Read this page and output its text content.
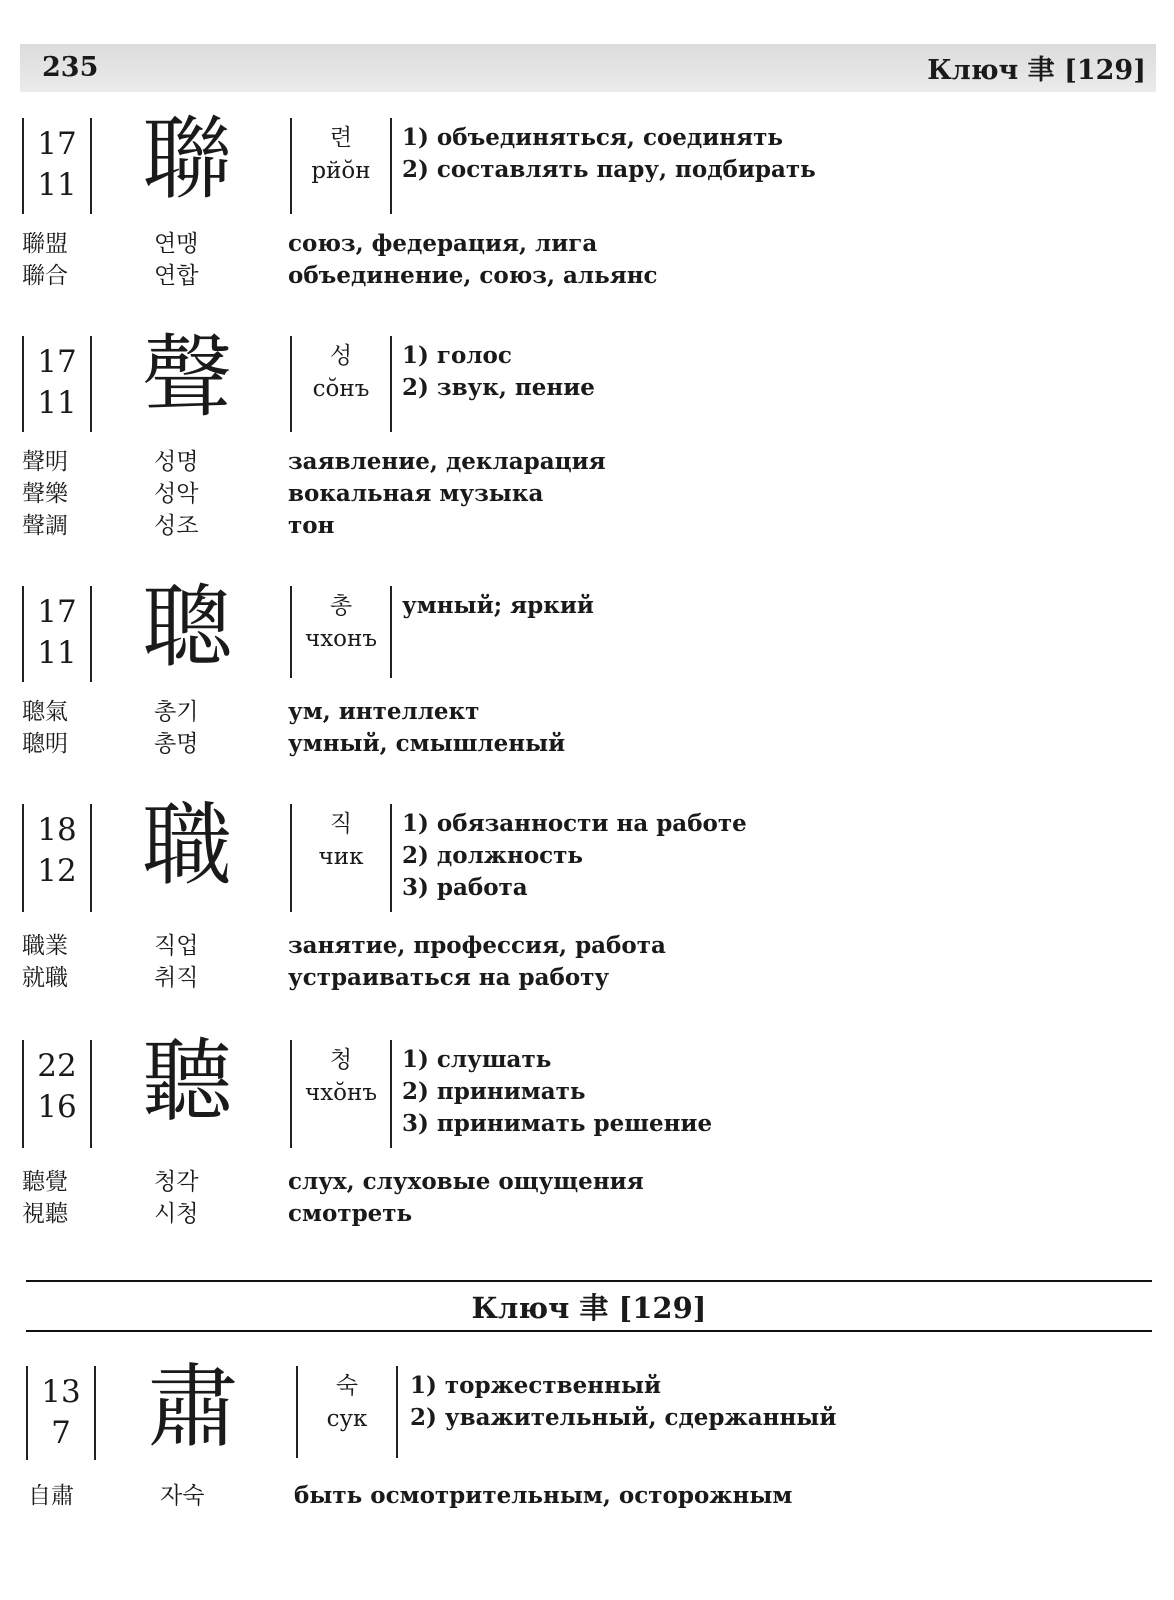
235	Ключ 聿 [129]
17
11 聯	련
рйŏн
1) объединяться, соединять
2) составлять пару, подбирать
聯盟	연맹	союз, федерация, лига
聯合	연합	объединение, союз, альянс
17
11 聲	성
сŏнъ
1) голос
2) звук, пение
聲明	성명	заявление, декларация
聲樂	성악	вокальная музыка
聲調	성조	тон
17
11 聰	총
чхонъ
умный; яркий
聰氣	총기	ум, интеллект
聰明	총명	умный, смышленый
18
12 職	직
чик
1) обязанности на работе
2) должность
3) работа
職業	직업	занятие, профессия, работа
就職	취직	устраиваться на работу
22
16 聽	청
чхŏнъ
1) слушать
2) принимать
3) принимать решение
聽覺	청각	слух, слуховые ощущения
視聽	시청	смотреть
Ключ 聿 [129]
13
7 肅	숙
сук
1) торжественный
2) уважительный, сдержанный
自肅	자숙	быть осмотрительным, осторожным
